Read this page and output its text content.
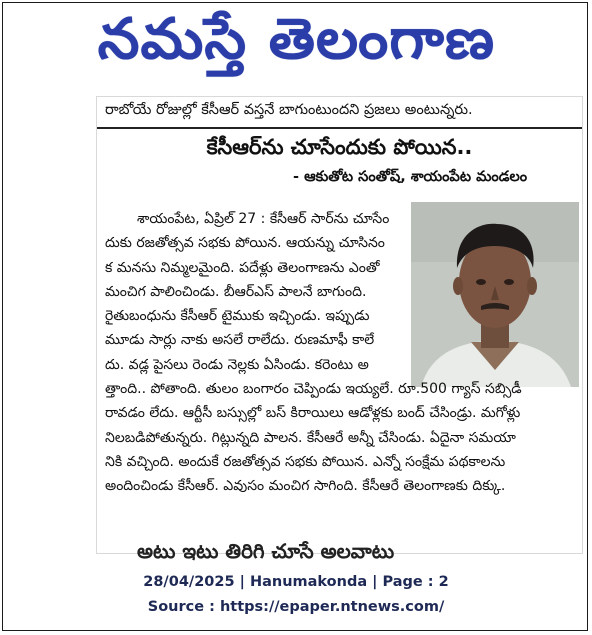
నమస్తే తెలంగాణ
రాబోయే రోజుల్లో కేసీఆర్ వస్తనే బాగుంటుందని ప్రజలు అంటున్నరు.
కేసీఆర్‌ను చూసేందుకు పోయిన..
- ఆకుతోట సంతోష్, శాయంపేట మండలం
శాయంపేట, ఏప్రిల్ 27 : కేసీఆర్ సార్‌ను చూసేం
దుకు రజతోత్సవ సభకు పోయిన. ఆయన్ను చూసినం
క మనసు నిమ్మలమైంది. పదేళ్లు తెలంగాణను ఎంతో
మంచిగ పాలించిండు. బీఆర్‌ఎస్ పాలనే బాగుంది.
రైతుబంధును కేసీఆర్ టైముకు ఇచ్చిండు. ఇప్పుడు
మూడు సార్లు నాకు అసలే రాలేదు. రుణమాఫీ కాలే
దు. వడ్ల పైసలు రెండు నెల్లకు ఏసిండు. కరెంటు అ
త్తాంది.. పోతాంది. తులం బంగారం చెప్పిండు ఇయ్యలే. రూ.500 గ్యాస్ సబ్సిడీ
రావడం లేదు. ఆర్టీసీ బస్సుల్లో బస్ కిరాయిలు ఆడోళ్లకు బంద్ చేసిండ్రు. మగోళ్లు
నిలబడిపోతున్నరు. గిట్లున్నది పాలన. కేసీఆరే అన్నీ చేసిండు. ఏదైనా సమయా
నికి వచ్చింది. అందుకే రజతోత్సవ సభకు పోయిన. ఎన్నో సంక్షేమ పథకాలను
అందించిండు కేసీఆర్. ఎవుసం మంచిగ సాగింది. కేసీఆరే తెలంగాణకు దిక్కు.
అటు ఇటు తిరిగి చూసే అలవాటు
28/04/2025 | Hanumakonda | Page : 2
Source : https://epaper.ntnews.com/
